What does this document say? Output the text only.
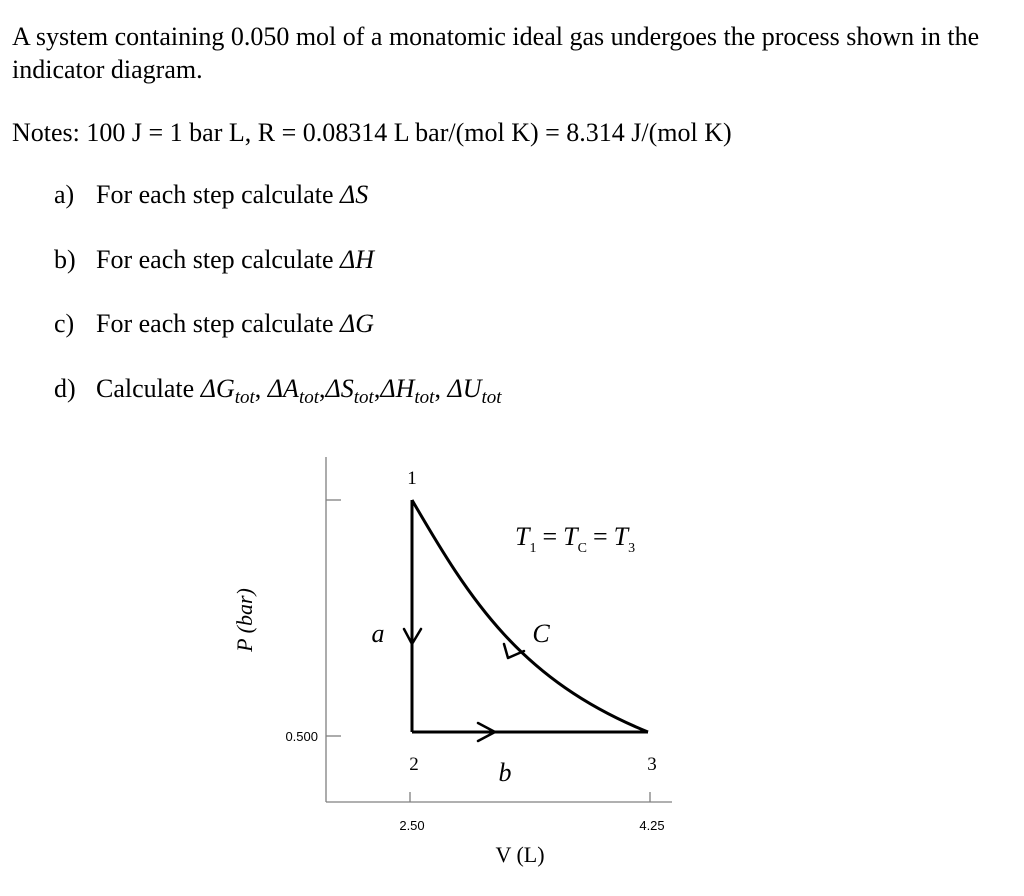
A system containing 0.050 mol of a monatomic ideal gas undergoes the process shown in the indicator diagram.

Notes: 100 J = 1 bar L, R = 0.08314 L bar/(mol K) = 8.314 J/(mol K)

a) For each step calculate ΔS
b) For each step calculate ΔH
c) For each step calculate ΔG
d) Calculate $\Delta G_{tot}$, $\Delta A_{tot},\Delta S_{tot},\Delta H_{tot}$, $\Delta U_{tot}$
0.500
2.50	4.25
P (bar)
V (L)
1
2	3
a
b
C
$T_1 = T_C = T_3$
